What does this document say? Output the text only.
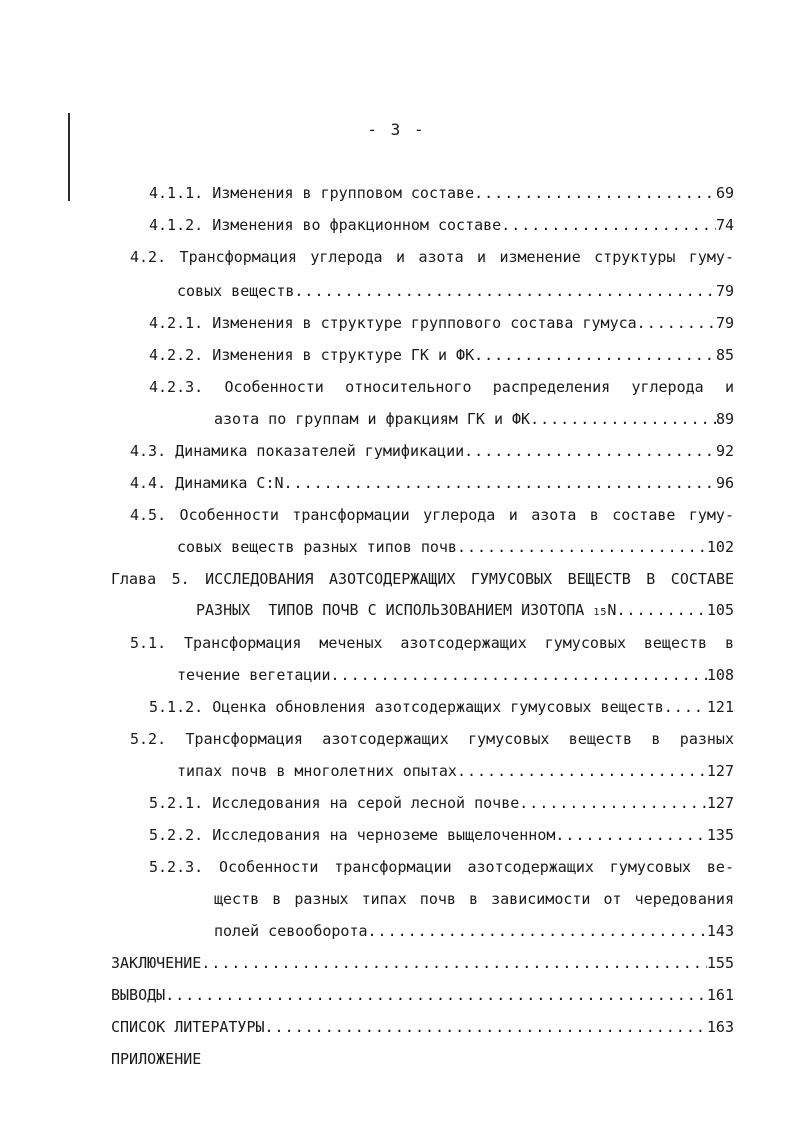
- 3 -
4.1.1. Изменения в групповом составе .....	69
4.1.2. Изменения во фракционном составе .....	74
4.2. Трансформация углерода и азота и изменение структуры гуму-
совых веществ .....	79
4.2.1. Изменения в структуре группового состава гумуса .....	79
4.2.2. Изменения в структуре ГК и ФК .....	85
4.2.3. Особенности относительного распределения углерода и
азота по группам и фракциям ГК и ФК .....	89
4.3. Динамика показателей гумификации .....	92
4.4. Динамика C:N .....	96
4.5. Особенности трансформации углерода и азота в составе гуму-
совых веществ разных типов почв .....	102
Глава 5. ИССЛЕДОВАНИЯ АЗОТСОДЕРЖАЩИХ ГУМУСОВЫХ ВЕЩЕСТВ В СОСТАВЕ
РАЗНЫХ  ТИПОВ ПОЧВ С ИСПОЛЬЗОВАНИЕМ ИЗОТОПА
$_{15}$ N .....	105
5.1. Трансформация меченых азотсодержащих гумусовых веществ в
течение вегетации .....	108
5.1.2. Оценка обновления азотсодержащих гумусовых веществ .....	121
5.2. Трансформация азотсодержащих гумусовых веществ в разных
типах почв в многолетних опытах .....	127
5.2.1. Исследования на серой лесной почве .....	127
5.2.2. Исследования на черноземе выщелоченном .....	135
5.2.3. Особенности трансформации азотсодержащих гумусовых ве-
ществ в разных типах почв в зависимости от чередования
полей севооборота .....	143
ЗАКЛЮЧЕНИЕ .....	155
ВЫВОДЫ .....	161
СПИСОК ЛИТЕРАТУРЫ .....	163
ПРИЛОЖЕНИЕ
